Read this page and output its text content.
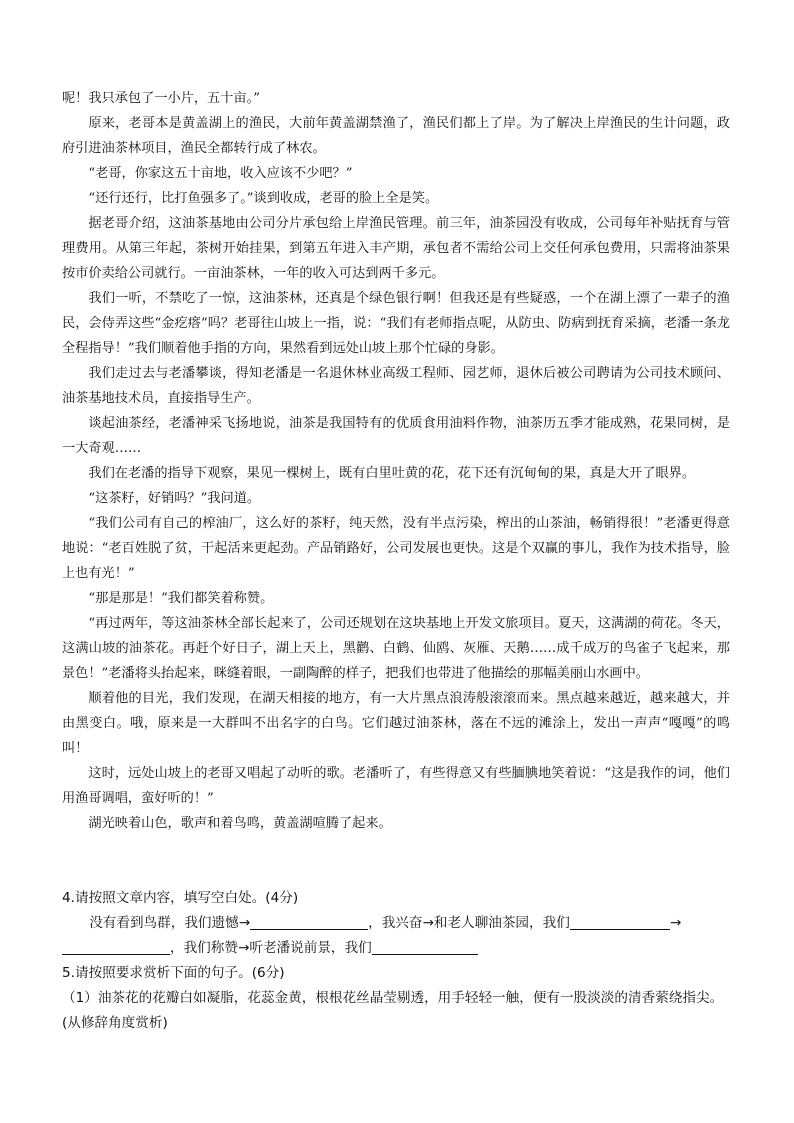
呢！我只承包了一小片，五十亩。”

原来，老哥本是黄盖湖上的渔民，大前年黄盖湖禁渔了，渔民们都上了岸。为了解决上岸渔民的生计问题，政府引进油茶林项目，渔民全都转行成了林农。

“老哥，你家这五十亩地，收入应该不少吧？”

“还行还行，比打鱼强多了。”谈到收成，老哥的脸上全是笑。

据老哥介绍，这油茶基地由公司分片承包给上岸渔民管理。前三年，油茶园没有收成，公司每年补贴抚育与管理费用。从第三年起，茶树开始挂果，到第五年进入丰产期，承包者不需给公司上交任何承包费用，只需将油茶果按市价卖给公司就行。一亩油茶林，一年的收入可达到两千多元。

我们一听，不禁吃了一惊，这油茶林，还真是个绿色银行啊！但我还是有些疑惑，一个在湖上漂了一辈子的渔民，会侍弄这些“金疙瘩”吗？老哥往山坡上一指，说：“我们有老师指点呢，从防虫、防病到抚育采摘，老潘一条龙全程指导！”我们顺着他手指的方向，果然看到远处山坡上那个忙碌的身影。

我们走过去与老潘攀谈，得知老潘是一名退休林业高级工程师、园艺师，退休后被公司聘请为公司技术顾问、油茶基地技术员，直接指导生产。

谈起油茶经，老潘神采飞扬地说，油茶是我国特有的优质食用油料作物，油茶历五季才能成熟，花果同树，是一大奇观……

我们在老潘的指导下观察，果见一棵树上，既有白里吐黄的花，花下还有沉甸甸的果，真是大开了眼界。

“这茶籽，好销吗？”我问道。

“我们公司有自己的榨油厂，这么好的茶籽，纯天然，没有半点污染，榨出的山茶油，畅销得很！”老潘更得意地说：“老百姓脱了贫，干起活来更起劲。产品销路好，公司发展也更快。这是个双赢的事儿，我作为技术指导，脸上也有光！”

“那是那是！”我们都笑着称赞。

“再过两年，等这油茶林全部长起来了，公司还规划在这块基地上开发文旅项目。夏天，这满湖的荷花。冬天，这满山坡的油茶花。再赶个好日子，湖上天上，黑鹳、白鹤、仙鸥、灰雁、天鹅……成千成万的鸟雀子飞起来，那景色！”老潘将头抬起来，眯缝着眼，一副陶醉的样子，把我们也带进了他描绘的那幅美丽山水画中。

顺着他的目光，我们发现，在湖天相接的地方，有一大片黑点浪涛般滚滚而来。黑点越来越近，越来越大，并由黑变白。哦，原来是一大群叫不出名字的白鸟。它们越过油茶林，落在不远的滩涂上，发出一声声“嘎嘎”的鸣叫！

这时，远处山坡上的老哥又唱起了动听的歌。老潘听了，有些得意又有些腼腆地笑着说：“这是我作的词，他们用渔哥调唱，蛮好听的！”

湖光映着山色，歌声和着鸟鸣，黄盖湖喧腾了起来。

4.请按照文章内容，填写空白处。(4分)

没有看到鸟群，我们遗憾→	，我兴奋→和老人聊油茶园，我们	→

，我们称赞→听老潘说前景，我们

5.请按照要求赏析下面的句子。(6分)

（1）油茶花的花瓣白如凝脂，花蕊金黄，根根花丝晶莹剔透，用手轻轻一触，便有一股淡淡的清香萦绕指尖。(从修辞角度赏析)
